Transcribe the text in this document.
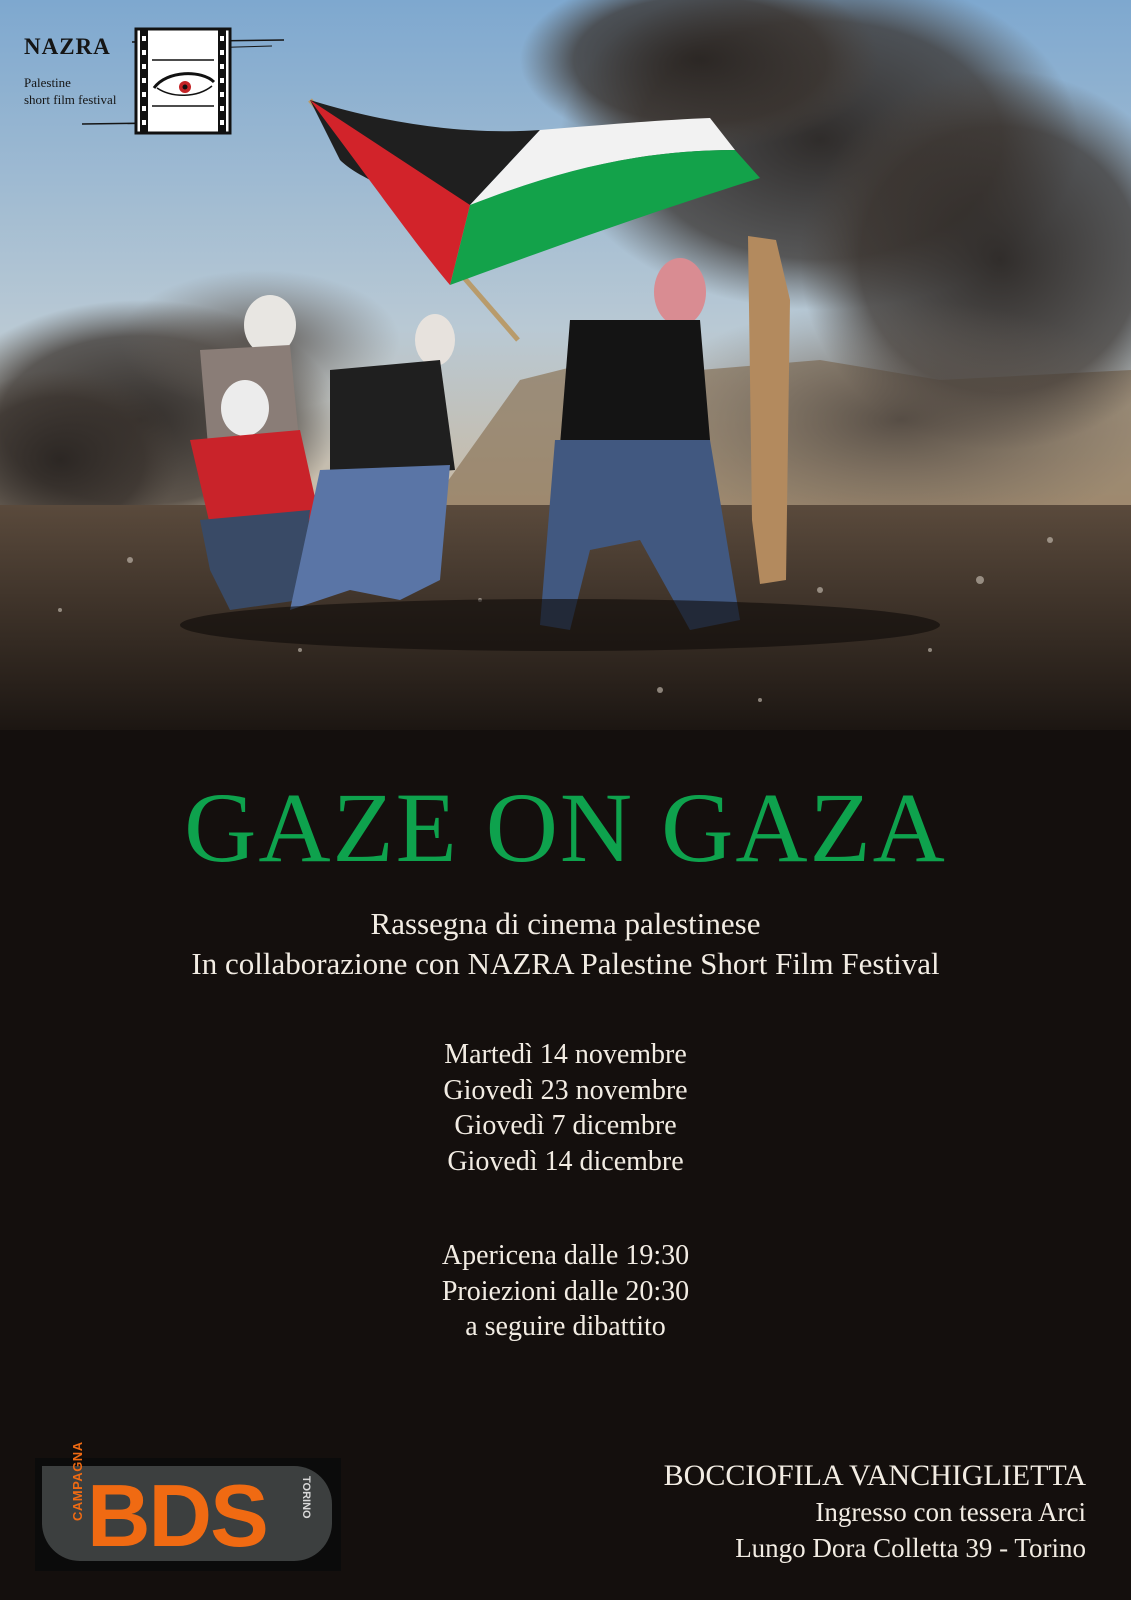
NAZRA
Palestine
short film festival
GAZE ON GAZA
Rassegna di cinema palestinese
In collaborazione con NAZRA Palestine Short Film Festival
Martedì 14 novembre
Giovedì 23 novembre
Giovedì 7 dicembre
Giovedì 14 dicembre
Apericena dalle 19:30
Proiezioni dalle 20:30
a seguire dibattito
CAMPAGNA BDS	TORINO
BOCCIOFILA VANCHIGLIETTA
Ingresso con tessera Arci
Lungo Dora Colletta 39 - Torino
